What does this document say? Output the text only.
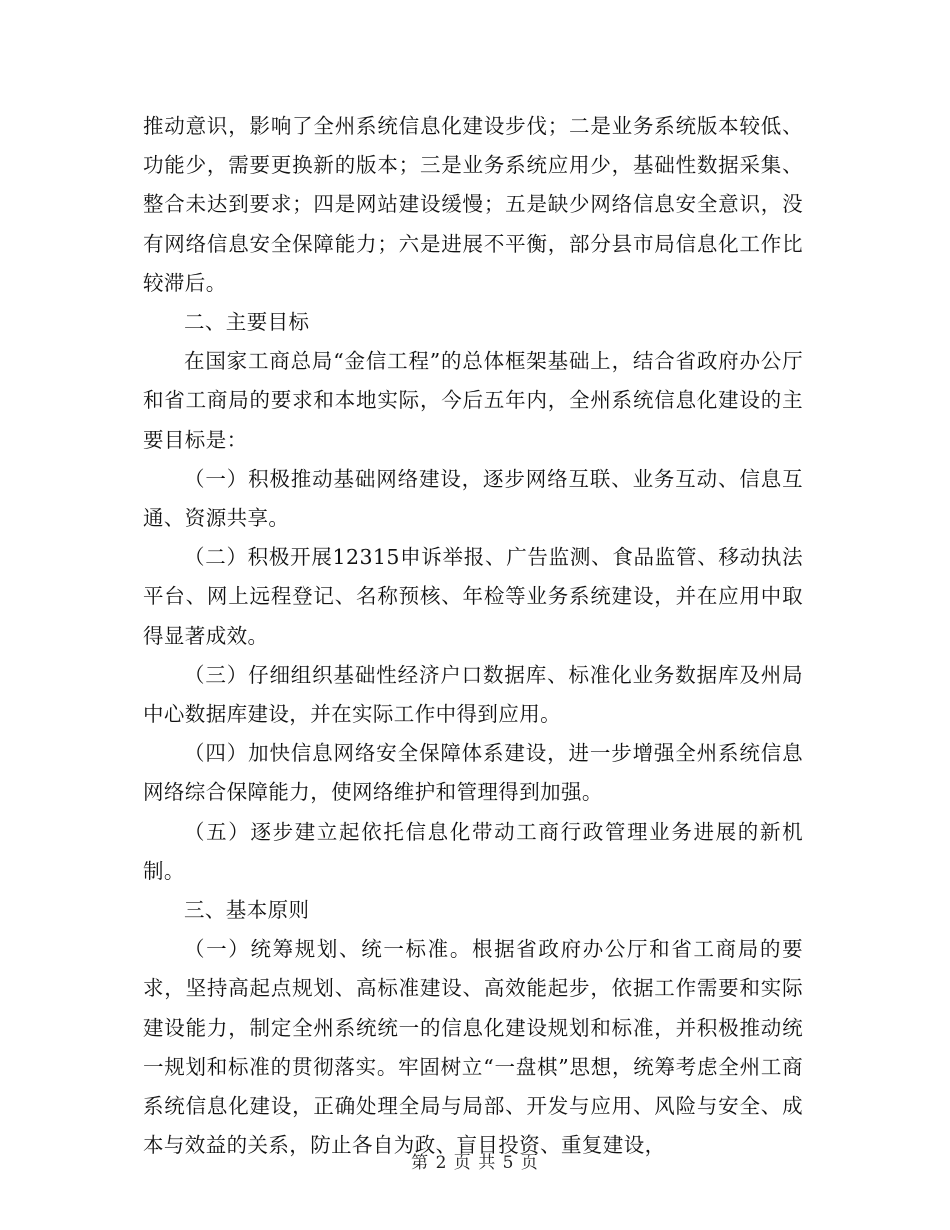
推动意识，影响了全州系统信息化建设步伐；二是业务系统版本较低、功能少，需要更换新的版本；三是业务系统应用少，基础性数据采集、整合未达到要求；四是网站建设缓慢；五是缺少网络信息安全意识，没有网络信息安全保障能力；六是进展不平衡，部分县市局信息化工作比较滞后。

二、主要目标

在国家工商总局“金信工程”的总体框架基础上，结合省政府办公厅和省工商局的要求和本地实际，今后五年内，全州系统信息化建设的主要目标是：

（一）积极推动基础网络建设，逐步网络互联、业务互动、信息互通、资源共享。

（二）积极开展12315申诉举报、广告监测、食品监管、移动执法平台、网上远程登记、名称预核、年检等业务系统建设，并在应用中取得显著成效。

（三）仔细组织基础性经济户口数据库、标准化业务数据库及州局中心数据库建设，并在实际工作中得到应用。

（四）加快信息网络安全保障体系建设，进一步增强全州系统信息网络综合保障能力，使网络维护和管理得到加强。

（五）逐步建立起依托信息化带动工商行政管理业务进展的新机制。

三、基本原则

（一）统筹规划、统一标准。根据省政府办公厅和省工商局的要求，坚持高起点规划、高标准建设、高效能起步，依据工作需要和实际建设能力，制定全州系统统一的信息化建设规划和标准，并积极推动统一规划和标准的贯彻落实。牢固树立“一盘棋”思想，统筹考虑全州工商系统信息化建设，正确处理全局与局部、开发与应用、风险与安全、成本与效益的关系，防止各自为政、盲目投资、重复建设，

第 2 页 共 5 页
